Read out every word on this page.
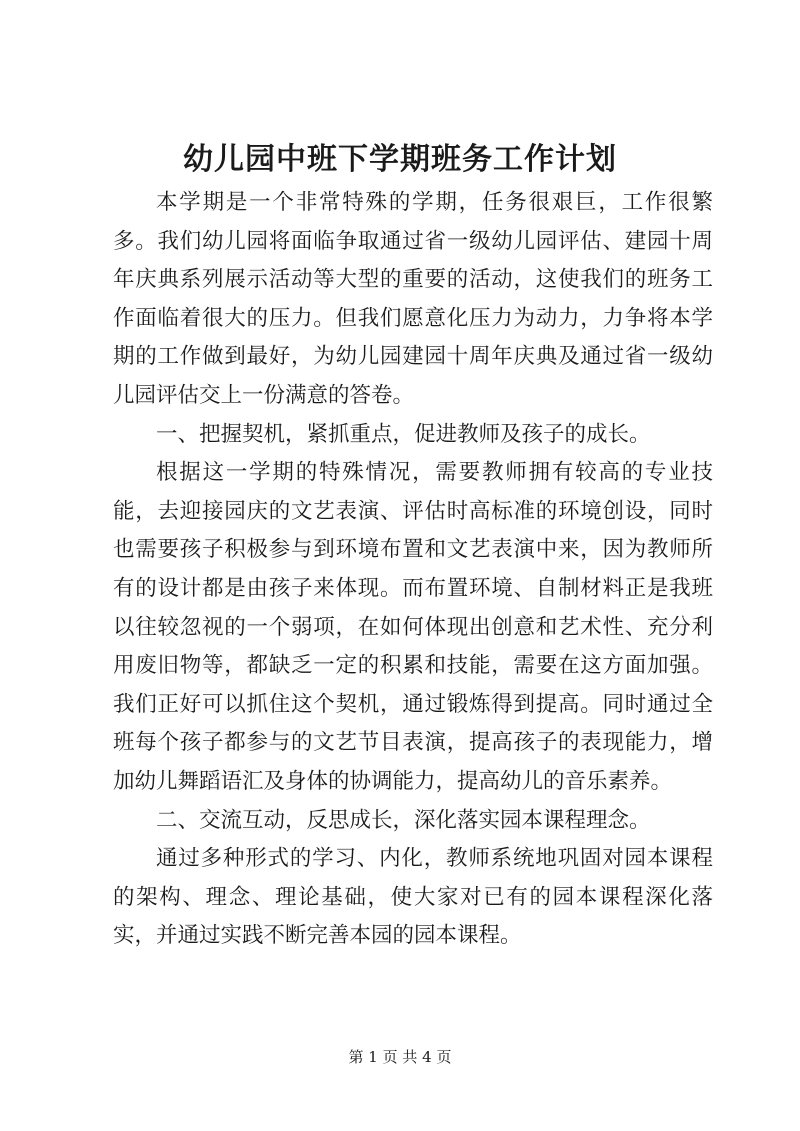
幼儿园中班下学期班务工作计划

本学期是一个非常特殊的学期，任务很艰巨，工作很繁多。我们幼儿园将面临争取通过省一级幼儿园评估、建园十周年庆典系列展示活动等大型的重要的活动，这使我们的班务工作面临着很大的压力。但我们愿意化压力为动力，力争将本学期的工作做到最好，为幼儿园建园十周年庆典及通过省一级幼儿园评估交上一份满意的答卷。

一、把握契机，紧抓重点，促进教师及孩子的成长。

根据这一学期的特殊情况，需要教师拥有较高的专业技能，去迎接园庆的文艺表演、评估时高标准的环境创设，同时也需要孩子积极参与到环境布置和文艺表演中来，因为教师所有的设计都是由孩子来体现。而布置环境、自制材料正是我班以往较忽视的一个弱项，在如何体现出创意和艺术性、充分利用废旧物等，都缺乏一定的积累和技能，需要在这方面加强。我们正好可以抓住这个契机，通过锻炼得到提高。同时通过全班每个孩子都参与的文艺节目表演，提高孩子的表现能力，增加幼儿舞蹈语汇及身体的协调能力，提高幼儿的音乐素养。

二、交流互动，反思成长，深化落实园本课程理念。

通过多种形式的学习、内化，教师系统地巩固对园本课程的架构、理念、理论基础，使大家对已有的园本课程深化落实，并通过实践不断完善本园的园本课程。

第 1 页 共 4 页
